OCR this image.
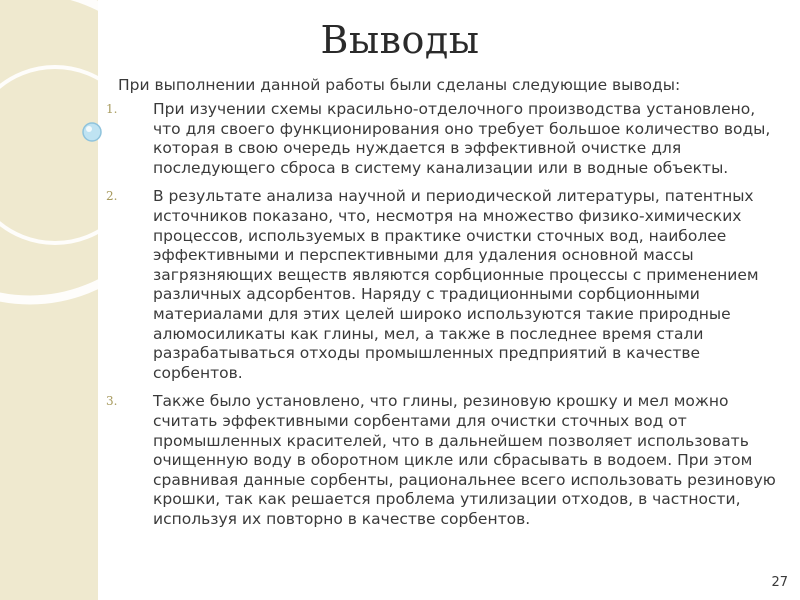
Выводы
При выполнении данной работы были сделаны следующие выводы:
1. При изучении схемы красильно-отделочного производства установлено, что для своего функционирования оно требует большое количество воды, которая в свою очередь нуждается в эффективной очистке для последующего сброса в систему канализации или в водные объекты.
2. В результате анализа научной и периодической литературы, патентных источников показано, что, несмотря на множество физико-химических процессов, используемых в практике очистки сточных вод, наиболее эффективными и перспективными для удаления основной массы загрязняющих веществ являются сорбционные процессы с применением различных адсорбентов. Наряду с традиционными сорбционными материалами для этих целей широко используются такие природные алюмосиликаты как глины, мел, а также в последнее время стали разрабатываться отходы промышленных предприятий в качестве сорбентов.
3. Также было установлено, что глины, резиновую крошку и мел можно считать эффективными сорбентами для очистки сточных вод от промышленных красителей, что в дальнейшем позволяет использовать очищенную воду в оборотном цикле или сбрасывать в водоем. При этом сравнивая данные сорбенты, рациональнее всего использовать резиновую крошки, так как решается проблема утилизации отходов, в частности, используя их повторно в качестве сорбентов.
27
